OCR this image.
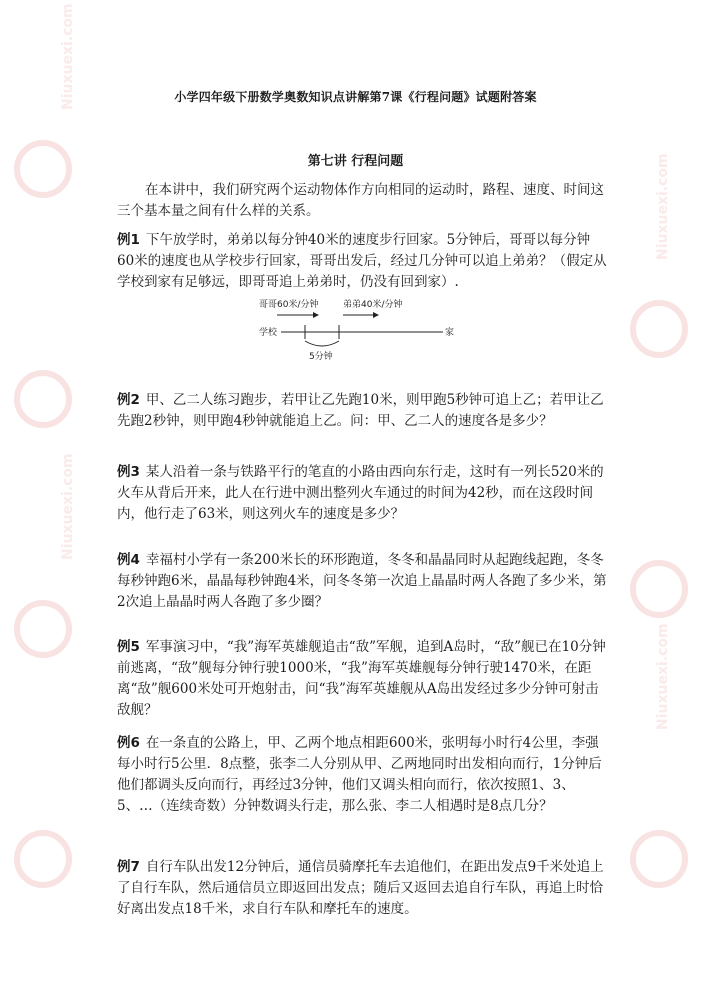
Niuxuexi.com
Niuxuexi.com
Niuxuexi.com
Niuxuexi.com
小学四年级下册数学奥数知识点讲解第7课《行程问题》试题附答案
第七讲 行程问题
在本讲中，我们研究两个运动物体作方向相同的运动时，路程、速度、时间这三个基本量之间有什么样的关系。
例1 下午放学时，弟弟以每分钟40米的速度步行回家。5分钟后，哥哥以每分钟60米的速度也从学校步行回家，哥哥出发后，经过几分钟可以追上弟弟？（假定从学校到家有足够远，即哥哥追上弟弟时，仍没有回到家）.
哥哥60米/分钟	弟弟40米/分钟
学校	家
5分钟
例2 甲、乙二人练习跑步，若甲让乙先跑10米，则甲跑5秒钟可追上乙；若甲让乙先跑2秒钟，则甲跑4秒钟就能追上乙。问：甲、乙二人的速度各是多少？
例3 某人沿着一条与铁路平行的笔直的小路由西向东行走，这时有一列长520米的火车从背后开来，此人在行进中测出整列火车通过的时间为42秒，而在这段时间内，他行走了63米，则这列火车的速度是多少？
例4 幸福村小学有一条200米长的环形跑道，冬冬和晶晶同时从起跑线起跑，冬冬每秒钟跑6米，晶晶每秒钟跑4米，问冬冬第一次追上晶晶时两人各跑了多少米，第2次追上晶晶时两人各跑了多少圈？
例5 军事演习中，“我”海军英雄舰追击“敌”军舰，追到A岛时，“敌”舰已在10分钟前逃离，“敌”舰每分钟行驶1000米，“我”海军英雄舰每分钟行驶1470米，在距离“敌”舰600米处可开炮射击，问“我”海军英雄舰从A岛出发经过多少分钟可射击敌舰？
例6 在一条直的公路上，甲、乙两个地点相距600米，张明每小时行4公里，李强每小时行5公里．8点整，张李二人分别从甲、乙两地同时出发相向而行，1分钟后他们都调头反向而行，再经过3分钟，他们又调头相向而行，依次按照1、3、5、…（连续奇数）分钟数调头行走，那么张、李二人相遇时是8点几分？
例7 自行车队出发12分钟后，通信员骑摩托车去追他们，在距出发点9千米处追上了自行车队，然后通信员立即返回出发点；随后又返回去追自行车队，再追上时恰好离出发点18千米，求自行车队和摩托车的速度。
